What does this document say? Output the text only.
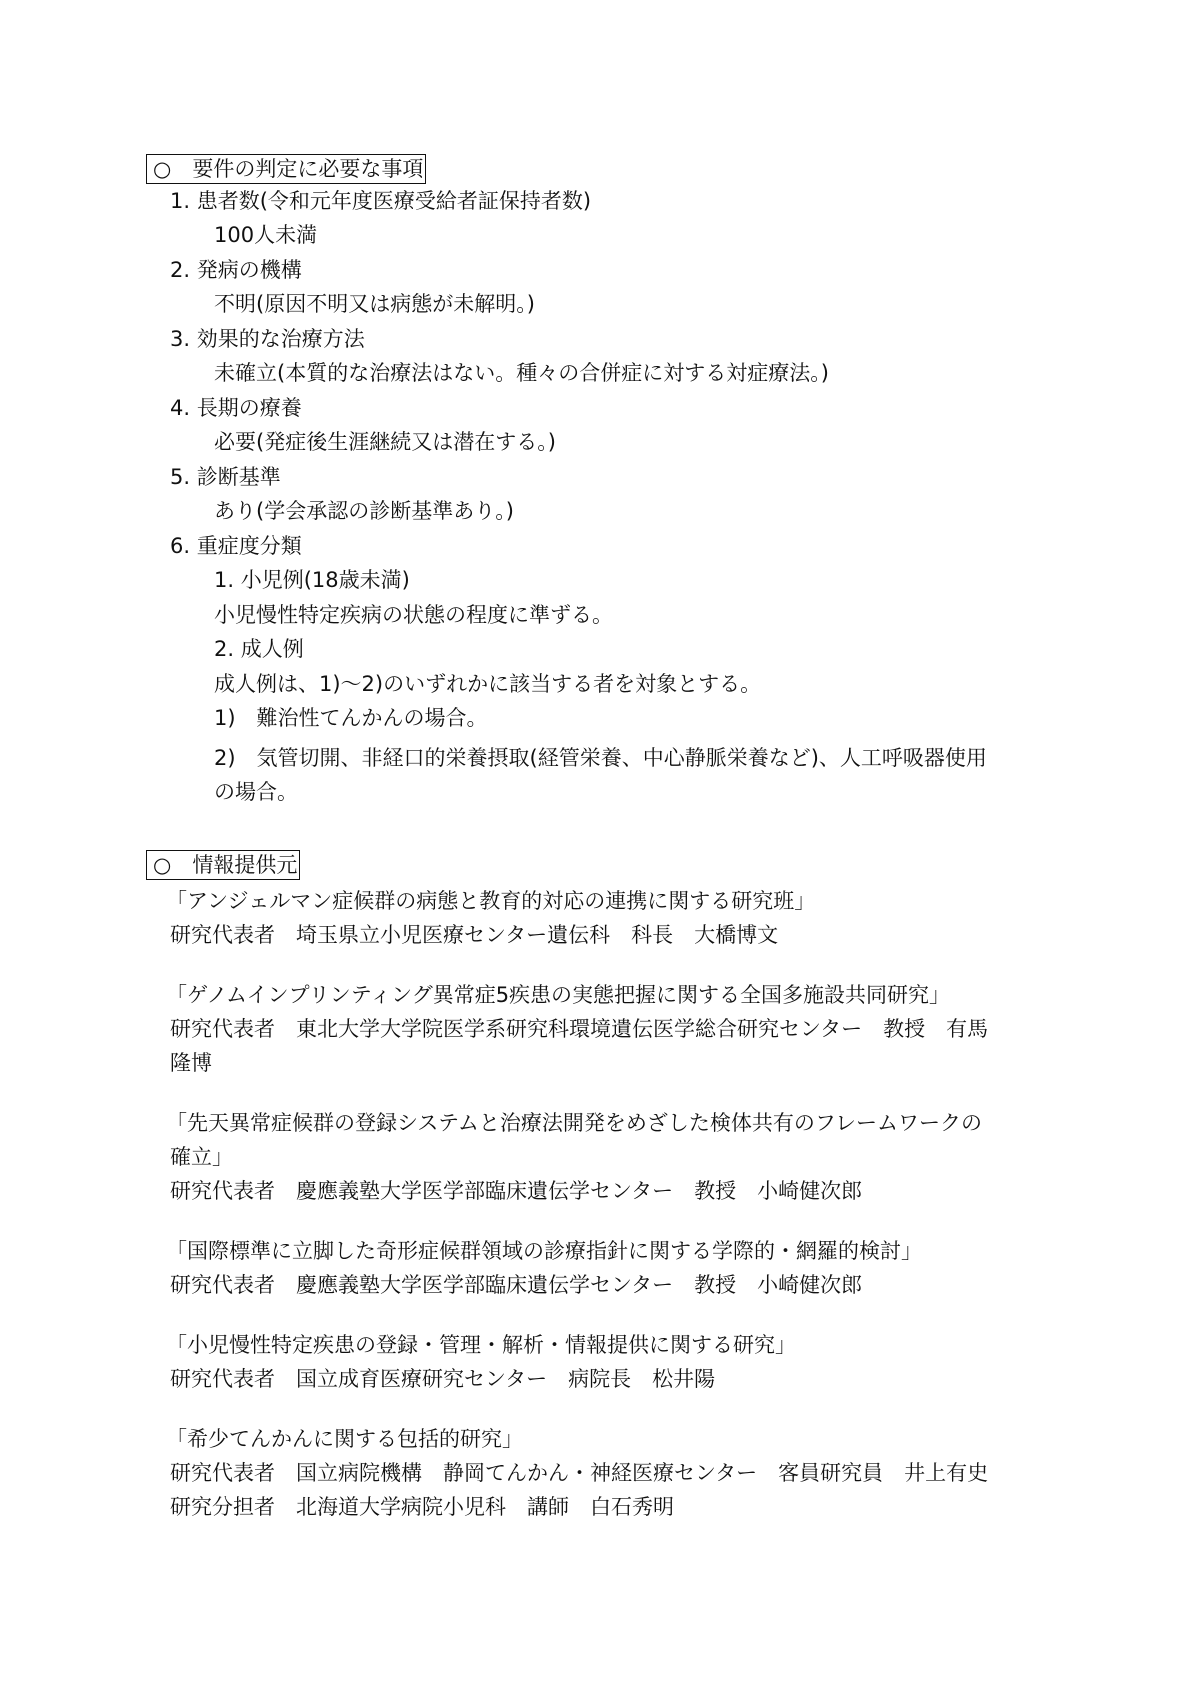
○　要件の判定に必要な事項
1. 患者数(令和元年度医療受給者証保持者数)
100人未満
2. 発病の機構
不明(原因不明又は病態が未解明。)
3. 効果的な治療方法
未確立(本質的な治療法はない。種々の合併症に対する対症療法。)
4. 長期の療養
必要(発症後生涯継続又は潜在する。)
5. 診断基準
あり(学会承認の診断基準あり。)
6. 重症度分類
1. 小児例(18歳未満)
小児慢性特定疾病の状態の程度に準ずる。
2. 成人例
成人例は、1)～2)のいずれかに該当する者を対象とする。
1)　難治性てんかんの場合。
2)　気管切開、非経口的栄養摂取(経管栄養、中心静脈栄養など)、人工呼吸器使用
の場合。
○　情報提供元
「アンジェルマン症候群の病態と教育的対応の連携に関する研究班」
研究代表者　埼玉県立小児医療センター遺伝科　科長　大橋博文
「ゲノムインプリンティング異常症5疾患の実態把握に関する全国多施設共同研究」
研究代表者　東北大学大学院医学系研究科環境遺伝医学総合研究センター　教授　有馬
隆博
「先天異常症候群の登録システムと治療法開発をめざした検体共有のフレームワークの
確立」
研究代表者　慶應義塾大学医学部臨床遺伝学センター　教授　小崎健次郎
「国際標準に立脚した奇形症候群領域の診療指針に関する学際的・網羅的検討」
研究代表者　慶應義塾大学医学部臨床遺伝学センター　教授　小崎健次郎
「小児慢性特定疾患の登録・管理・解析・情報提供に関する研究」
研究代表者　国立成育医療研究センター　病院長　松井陽
「希少てんかんに関する包括的研究」
研究代表者　国立病院機構　静岡てんかん・神経医療センター　客員研究員　井上有史
研究分担者　北海道大学病院小児科　講師　白石秀明
